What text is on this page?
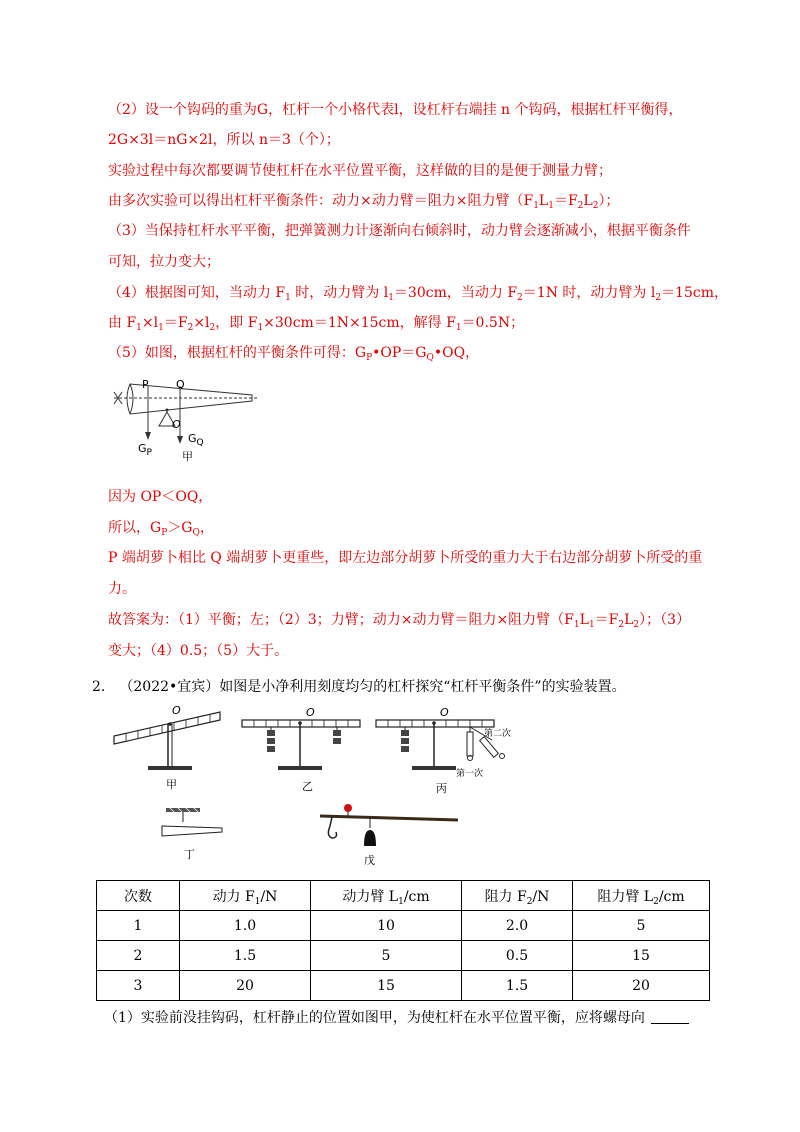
（2）设一个钩码的重为G，杠杆一个小格代表l，设杠杆右端挂 n 个钩码，根据杠杆平衡得，
2G×3l＝nG×2l，所以 n＝3（个）；
实验过程中每次都要调节使杠杆在水平位置平衡，这样做的目的是便于测量力臂；
由多次实验可以得出杠杆平衡条件：动力×动力臂＝阻力×阻力臂$(F_1L_1=F_2L_2)$；
（3）当保持杠杆水平平衡，把弹簧测力计逐渐向右倾斜时，动力臂会逐渐减小，根据平衡条件
可知，拉力变大；
（4）根据图可知，当动力 $F_1$ 时，动力臂为 $l_1=30cm$，当动力 $F_2=1N$ 时，动力臂为 $l_2=15cm$，
由 $F_1\times l_1=F_2\times l_2$，即 $F_1\times 30cm=1N\times 15cm$，解得 $F_1=0.5N$；
（5）如图，根据杠杆的平衡条件可得：$G_P•OP=G_Q•OQ$，
P Q
O
$G_P$
$G_Q$
甲
因为 OP＜OQ，
所以，$G_P>G_Q$，
P 端胡萝卜相比 Q 端胡萝卜更重些，即左边部分胡萝卜所受的重力大于右边部分胡萝卜所受的重
力。
故答案为：（1）平衡；左；（2）3；力臂；动力×动力臂＝阻力×阻力臂$(F_1L_1=F_2L_2)$；（3）
变大；（4）0.5；（5）大于。
2． （2022•宜宾）如图是小净利用刻度均匀的杠杆探究“杠杆平衡条件”的实验装置。
O
甲
O
乙
O
第二次
第一次
丙
丁	戊
次数	动力 $F_1/N$	动力臂 $L_1/cm$	阻力 $F_2/N$	阻力臂 $L_2/cm$
1	1.0	10	2.0	5
2	1.5	5	0.5	15
3	20	15	1.5	20
（1）实验前没挂钩码，杠杆静止的位置如图甲，为使杠杆在水平位置平衡，应将螺母向
